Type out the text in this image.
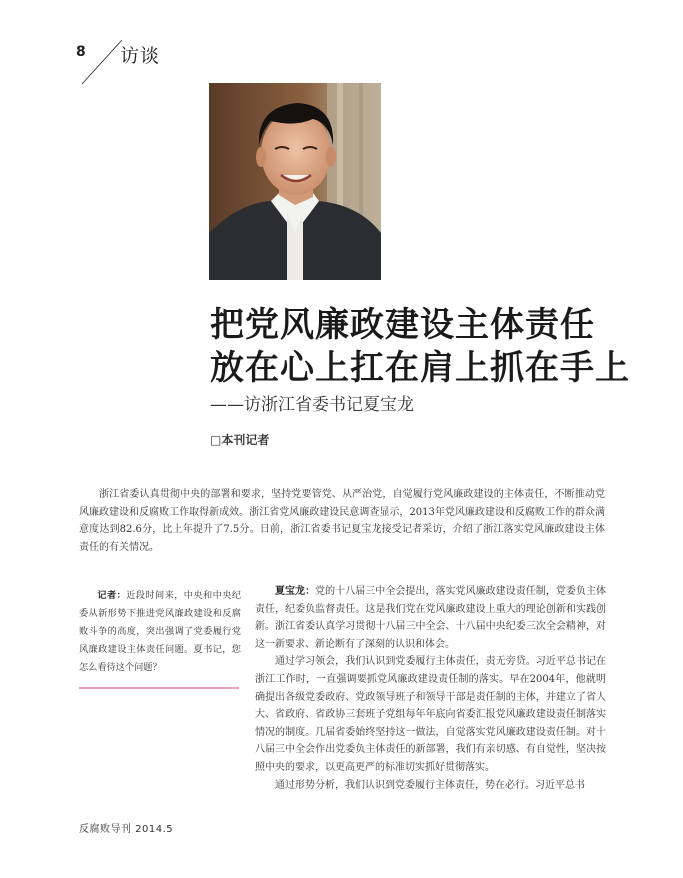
8 访谈
把党风廉政建设主体责任
放在心上扛在肩上抓在手上
——访浙江省委书记夏宝龙
□本刊记者

浙江省委认真贯彻中央的部署和要求，坚持党要管党、从严治党，自觉履行党风廉政建设的主体责任，不断推动党风廉政建设和反腐败工作取得新成效。浙江省党风廉政建设民意调查显示，2013年党风廉政建设和反腐败工作的群众满意度达到82.6分，比上年提升了7.5分。日前，浙江省委书记夏宝龙接受记者采访，介绍了浙江落实党风廉政建设主体责任的有关情况。

记者：近段时间来，中央和中央纪委从新形势下推进党风廉政建设和反腐败斗争的高度，突出强调了党委履行党风廉政建设主体责任问题。夏书记，您怎么看待这个问题？

夏宝龙：党的十八届三中全会提出，落实党风廉政建设责任制，党委负主体责任，纪委负监督责任。这是我们党在党风廉政建设上重大的理论创新和实践创新。浙江省委认真学习贯彻十八届三中全会、十八届中央纪委三次全会精神，对这一新要求、新论断有了深刻的认识和体会。

通过学习领会，我们认识到党委履行主体责任，责无旁贷。习近平总书记在浙江工作时，一直强调要抓党风廉政建设责任制的落实。早在2004年，他就明确提出各级党委政府、党政领导班子和领导干部是责任制的主体，并建立了省人大、省政府、省政协三套班子党组每年年底向省委汇报党风廉政建设责任制落实情况的制度。几届省委始终坚持这一做法，自觉落实党风廉政建设责任制。对十八届三中全会作出党委负主体责任的新部署，我们有亲切感、有自觉性，坚决按照中央的要求，以更高更严的标准切实抓好贯彻落实。

通过形势分析，我们认识到党委履行主体责任，势在必行。习近平总书

反腐败导刊 2014.5
